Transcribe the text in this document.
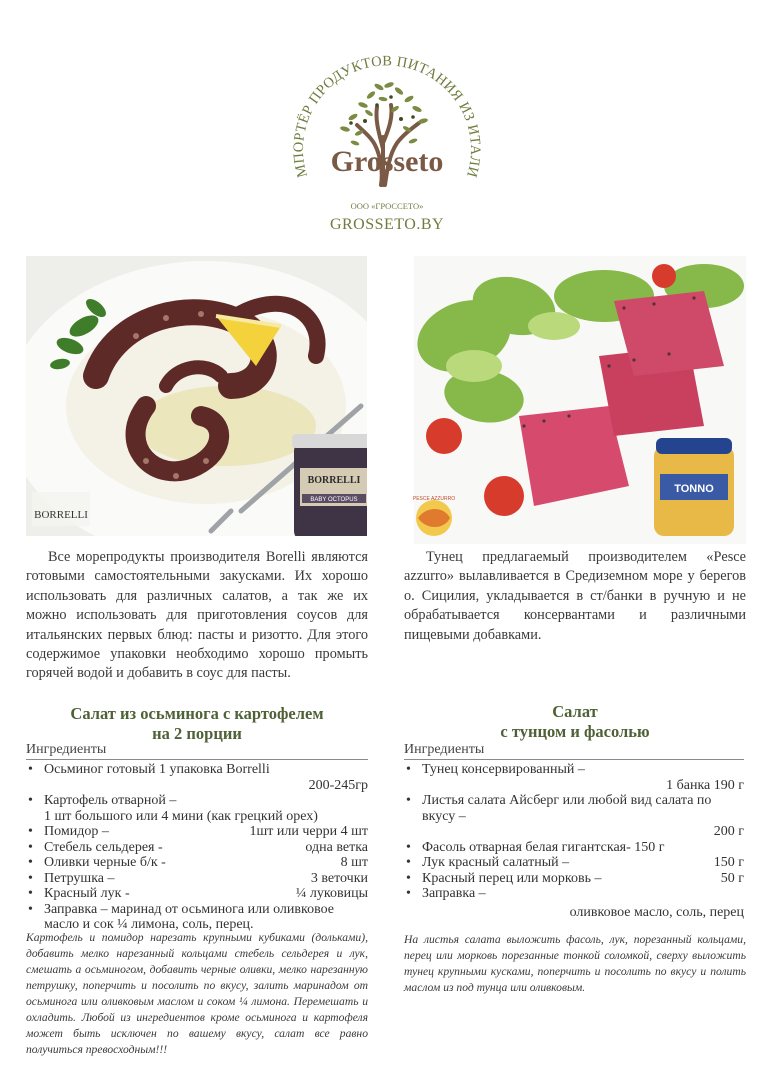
МПОРТЁР ПРОДУКТОВ ПИТАНИЯ ИЗ ИТАЛИ
Grosseto
ООО «ГРОССЕТО»
GROSSETO.BY
BORRELLI
BABY OCTOPUS
BORRELLI
TONNO
PESCE AZZURRO

Все морепродукты производителя Borelli являются готовыми самостоятельными закусками. Их хорошо использовать для различных салатов, а так же их можно использовать для приготовления соусов для итальянских первых блюд: пасты и ризотто. Для этого содержимое упаковки необходимо хорошо промыть горячей водой и добавить в соус для пасты.

Тунец предлагаемый производителем «Pesce azzurro» вылавливается в Средиземном море у берегов о. Сицилия, укладывается в ст/банки в ручную и не обрабатывается консервантами и различными пищевыми добавками.

Салат из осьминога с картофелем
на 2 порции
Ингредиенты
• Осьминог готовый 1 упаковка Borrelli
200-245гр
• Картофель отварной –
1 шт большого или 4 мини (как грецкий орех)
• Помидор –	1шт или черри 4 шт
• Стебель сельдерея -	одна ветка
• Оливки черные б/к -	8 шт
• Петрушка –	3 веточки
• Красный лук -	¼ луковицы
• Заправка – маринад от осьминога или оливковое масло и сок ¼ лимона, соль, перец.

Картофель и помидор нарезать крупными кубиками (дольками), добавить мелко нарезанный кольцами стебель сельдерея и лук, смешать а осьминогом, добавить черные оливки, мелко нарезанную петрушку, поперчить и посолить по вкусу, залить маринадом от осьминога или оливковым маслом и соком ¼ лимона. Перемешать и охладить. Любой из ингредиентов кроме осьминога и картофеля может быть исключен по вашему вкусу, салат все равно получиться превосходным!!!

Салат
с тунцом и фасолью
Ингредиенты
• Тунец консервированный –
1 банка 190 г
• Листья салата Айсберг или любой вид салата по вкусу –
200 г
• Фасоль отварная белая гигантская- 150 г
• Лук красный салатный –	150 г
• Красный перец или морковь –	50 г
• Заправка –
оливковое масло, соль, перец

На листья салата выложить фасоль, лук, порезанный кольцами, перец или морковь порезанные тонкой соломкой, сверху выложить тунец крупными кусками, поперчить и посолить по вкусу и полить маслом из под тунца или оливковым.
